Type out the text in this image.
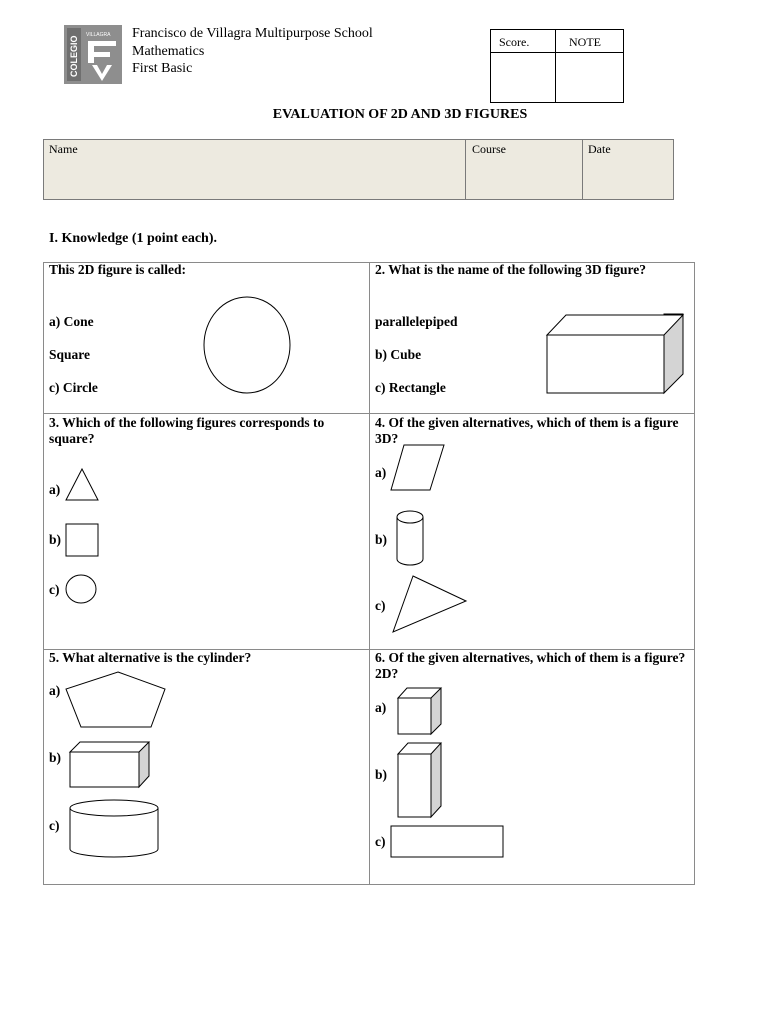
COLEGIO
VILLAGRA Francisco de Villagra Multipurpose School
Mathematics
First Basic
Score.	NOTE
EVALUATION OF 2D AND 3D FIGURES
Name	Course	Date
I. Knowledge (1 point each).
This 2D figure is called:
a) Cone
Square
c) Circle
2. What is the name of the following 3D figure?
parallelepiped
b) Cube
c) Rectangle
3. Which of the following figures corresponds to
square?
a)
b)
c)
4. Of the given alternatives, which of them is a figure
3D?
a)
b)
c)
5. What alternative is the cylinder?
a)
b)
c)
6. Of the given alternatives, which of them is a figure?
2D?
a)
b)
c)
